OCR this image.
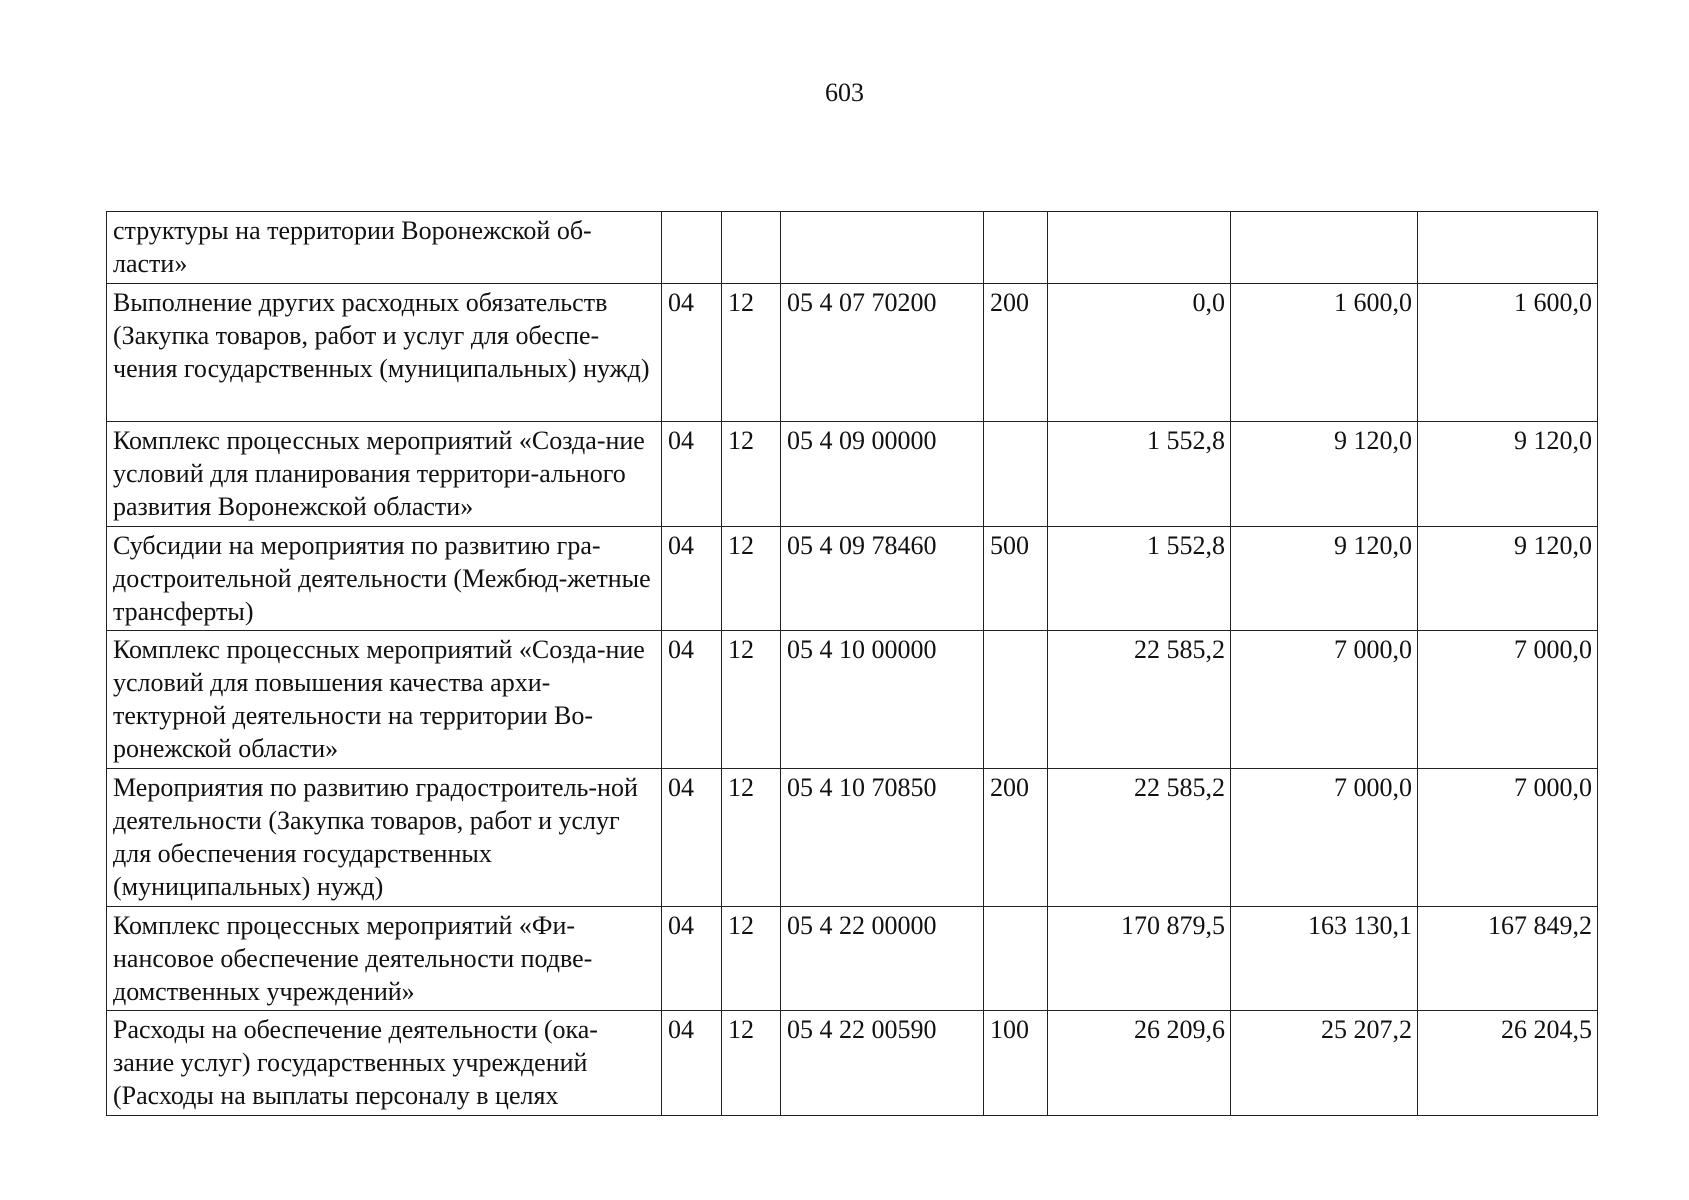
603
структуры на территории Воронежской об-ласти»							
Выполнение других расходных обязательств (Закупка товаров, работ и услуг для обеспе-чения государственных (муниципальных) нужд)	04	12	05 4 07 70200	200	0,0	1 600,0	1 600,0
Комплекс процессных мероприятий «Созда-ние условий для планирования территори-ального развития Воронежской области»	04	12	05 4 09 00000		1 552,8	9 120,0	9 120,0
Субсидии на мероприятия по развитию гра-достроительной деятельности (Межбюд-жетные трансферты)	04	12	05 4 09 78460	500	1 552,8	9 120,0	9 120,0
Комплекс процессных мероприятий «Созда-ние условий для повышения качества архи-тектурной деятельности на территории Во-ронежской области»	04	12	05 4 10 00000		22 585,2	7 000,0	7 000,0
Мероприятия по развитию градостроитель-ной деятельности (Закупка товаров, работ и услуг для обеспечения государственных (муниципальных) нужд)	04	12	05 4 10 70850	200	22 585,2	7 000,0	7 000,0
Комплекс процессных мероприятий «Фи-нансовое обеспечение деятельности подве-домственных учреждений»	04	12	05 4 22 00000		170 879,5	163 130,1	167 849,2
Расходы на обеспечение деятельности (ока-зание услуг) государственных учреждений (Расходы на выплаты персоналу в целях	04	12	05 4 22 00590	100	26 209,6	25 207,2	26 204,5
